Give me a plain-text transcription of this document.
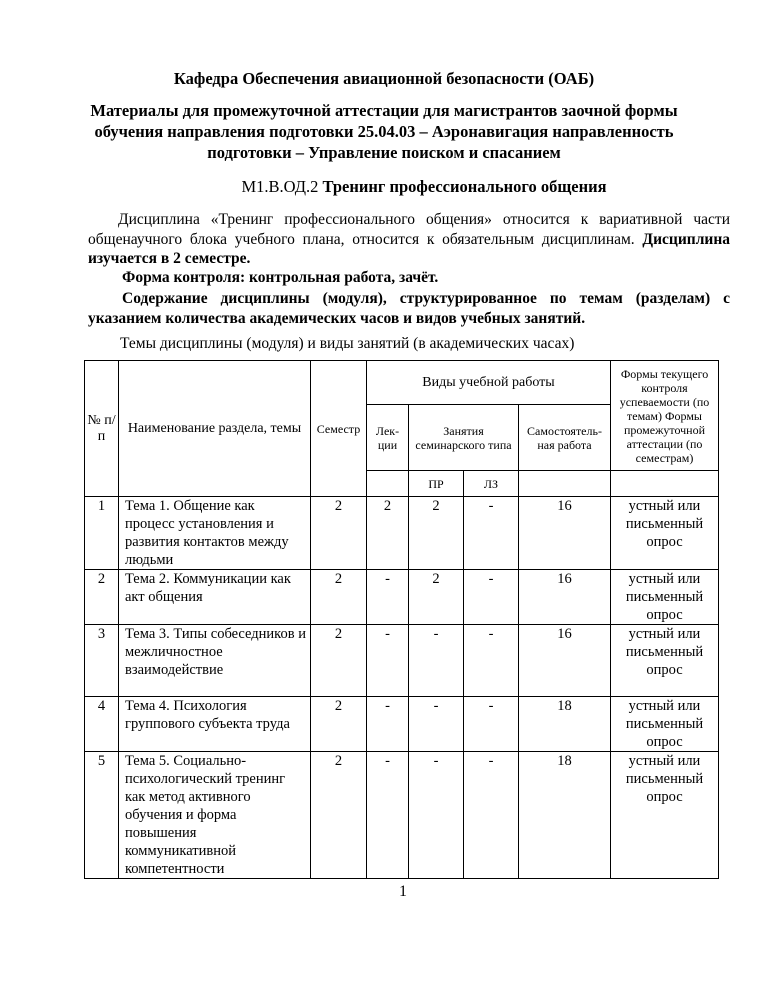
Кафедра Обеспечения авиационной безопасности (ОАБ)
Материалы для промежуточной аттестации для магистрантов заочной формы обучения направления подготовки 25.04.03 – Аэронавигация направленность подготовки – Управление поиском и спасанием
М1.В.ОД.2 Тренинг профессионального общения
Дисциплина «Тренинг профессионального общения» относится к вариативной части общенаучного блока учебного плана, относится к обязательным дисциплинам. Дисциплина изучается в 2 семестре.
Форма контроля: контрольная работа, зачёт.
Содержание дисциплины (модуля), структурированное по темам (разделам) с указанием количества академических часов и видов учебных занятий.
Темы дисциплины (модуля) и виды занятий (в академических часах)
№ п/п	Наименование раздела, темы	Семестр	Виды учебной работы				Формы текущего контроля успеваемости (по темам) Формы промежуточной аттестации (по семестрам)
			Лек-ции	Занятия семинарского типа		Самостоятель-ная работа	
				ПР	ЛЗ		
1	Тема 1. Общение как процесс установления и развития контактов между людьми	2	2	2	-	16	устный или письменный опрос
2	Тема 2. Коммуникации как акт общения	2	-	2	-	16	устный или письменный опрос
3	Тема 3. Типы собеседников и межличностное взаимодействие	2	-	-	-	16	устный или письменный опрос
4	Тема 4. Психология группового субъекта труда	2	-	-	-	18	устный или письменный опрос
5	Тема 5. Социально-психологический тренинг как метод активного обучения и форма повышения коммуникативной компетентности	2	-	-	-	18	устный или письменный опрос
1
